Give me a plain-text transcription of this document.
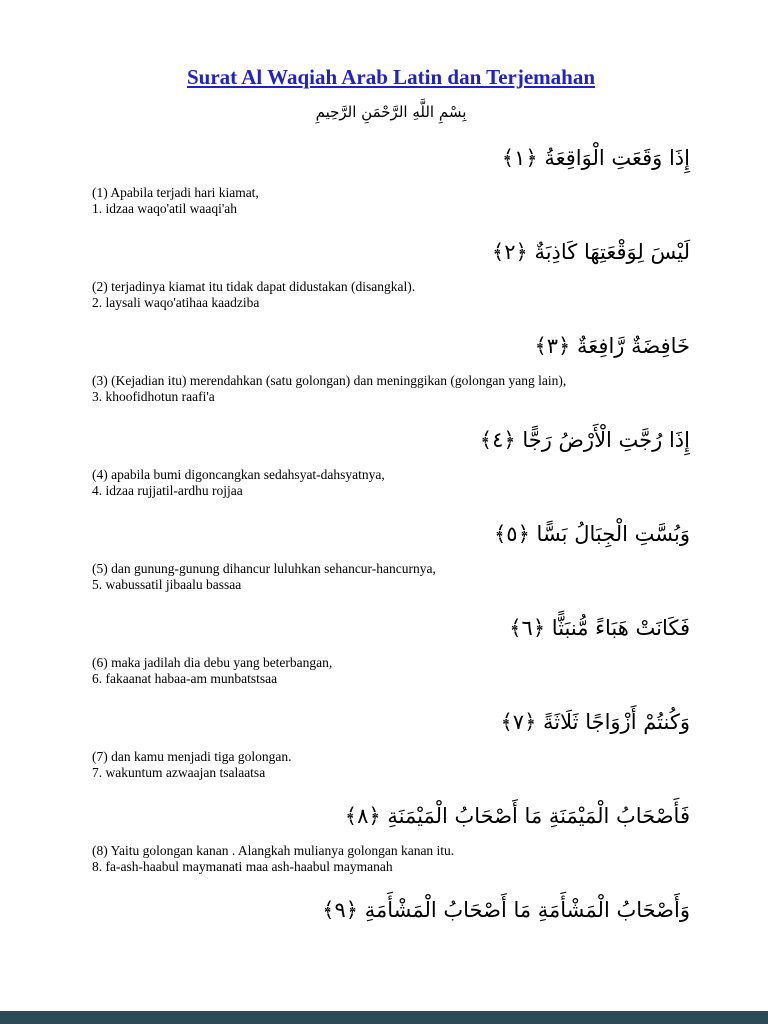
Surat Al Waqiah Arab Latin dan Terjemahan
بِسْمِ اللَّهِ الرَّحْمَنِ الرَّحِيمِ
إِذَا وَقَعَتِ الْوَاقِعَةُ ﴿١﴾
(1) Apabila terjadi hari kiamat,
1. idzaa waqo'atil waaqi'ah
لَيْسَ لِوَقْعَتِهَا كَاذِبَةٌ ﴿٢﴾
(2) terjadinya kiamat itu tidak dapat didustakan (disangkal).
2. laysali waqo'atihaa kaadziba
خَافِضَةٌ رَّافِعَةٌ ﴿٣﴾
(3) (Kejadian itu) merendahkan (satu golongan) dan meninggikan (golongan yang lain),
3. khoofidhotun raafi'a
إِذَا رُجَّتِ الْأَرْضُ رَجًّا ﴿٤﴾
(4) apabila bumi digoncangkan sedahsyat-dahsyatnya,
4. idzaa rujjatil-ardhu rojjaa
وَبُسَّتِ الْجِبَالُ بَسًّا ﴿٥﴾
(5) dan gunung-gunung dihancur luluhkan sehancur-hancurnya,
5. wabussatil jibaalu bassaa
فَكَانَتْ هَبَاءً مُّنبَثًّا ﴿٦﴾
(6) maka jadilah dia debu yang beterbangan,
6. fakaanat habaa-am munbatstsaa
وَكُنتُمْ أَزْوَاجًا ثَلَاثَةً ﴿٧﴾
(7) dan kamu menjadi tiga golongan.
7. wakuntum azwaajan tsalaatsa
فَأَصْحَابُ الْمَيْمَنَةِ مَا أَصْحَابُ الْمَيْمَنَةِ ﴿٨﴾
(8) Yaitu golongan kanan . Alangkah mulianya golongan kanan itu.
8. fa-ash-haabul maymanati maa ash-haabul maymanah
وَأَصْحَابُ الْمَشْأَمَةِ مَا أَصْحَابُ الْمَشْأَمَةِ ﴿٩﴾
